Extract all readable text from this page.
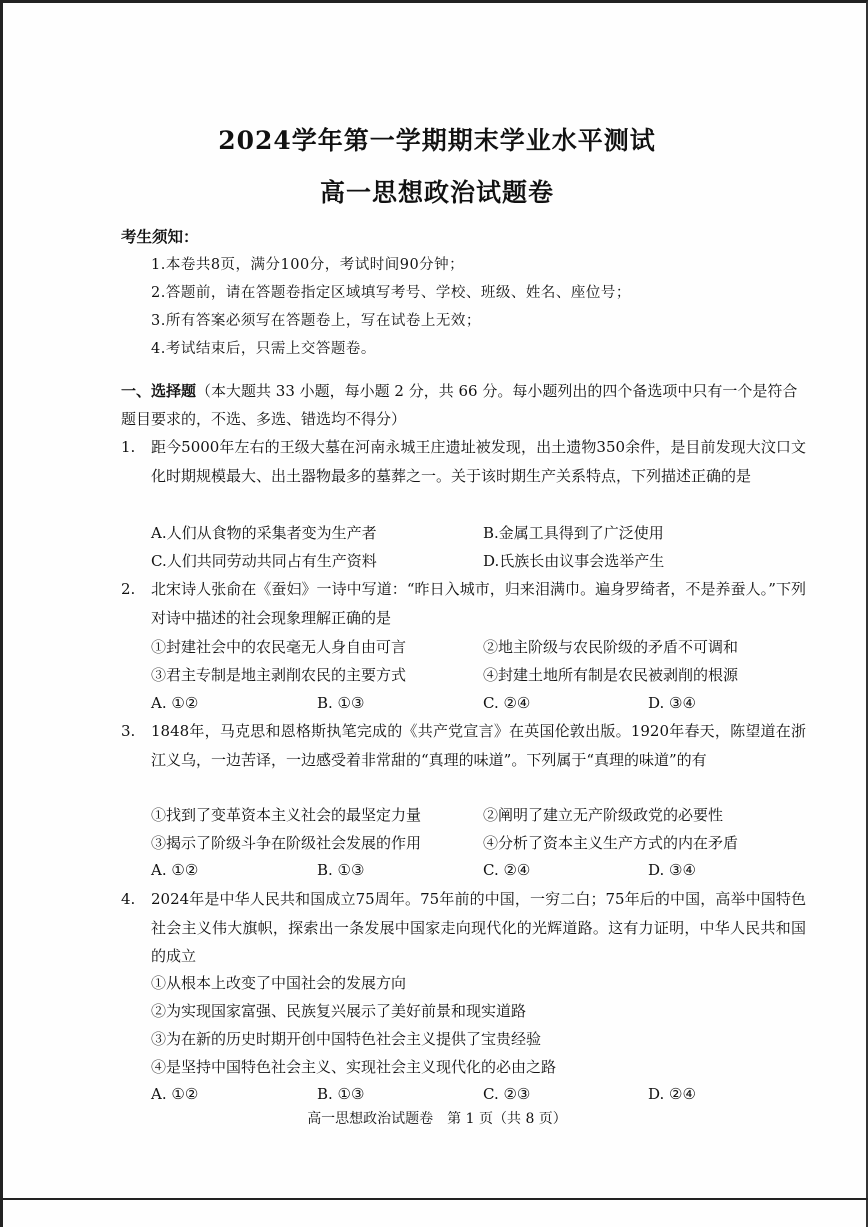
2024学年第一学期期末学业水平测试
高一思想政治试题卷
考生须知：
1.本卷共8页，满分100分，考试时间90分钟；
2.答题前，请在答题卷指定区域填写考号、学校、班级、姓名、座位号；
3.所有答案必须写在答题卷上，写在试卷上无效；
4.考试结束后，只需上交答题卷。
一、选择题（本大题共 33 小题，每小题 2 分，共 66 分。每小题列出的四个备选项中只有一个是符合题目要求的，不选、多选、错选均不得分）
1. 距今5000年左右的王级大墓在河南永城王庄遗址被发现，出土遗物350余件，是目前发现大汶口文化时期规模最大、出土器物最多的墓葬之一。关于该时期生产关系特点，下列描述正确的是
A.人们从食物的采集者变为生产者	B.金属工具得到了广泛使用
C.人们共同劳动共同占有生产资料	D.氏族长由议事会选举产生
2. 北宋诗人张俞在《蚕妇》一诗中写道：“昨日入城市，归来泪满巾。遍身罗绮者，不是养蚕人。”下列对诗中描述的社会现象理解正确的是
①封建社会中的农民毫无人身自由可言	②地主阶级与农民阶级的矛盾不可调和
③君主专制是地主剥削农民的主要方式	④封建土地所有制是农民被剥削的根源
A. ①②	B. ①③	C. ②④	D. ③④
3. 1848年，马克思和恩格斯执笔完成的《共产党宣言》在英国伦敦出版。1920年春天，陈望道在浙江义乌，一边苦译，一边感受着非常甜的“真理的味道”。下列属于“真理的味道”的有
①找到了变革资本主义社会的最坚定力量	②阐明了建立无产阶级政党的必要性
③揭示了阶级斗争在阶级社会发展的作用	④分析了资本主义生产方式的内在矛盾
A. ①②	B. ①③	C. ②④	D. ③④
4. 2024年是中华人民共和国成立75周年。75年前的中国，一穷二白；75年后的中国，高举中国特色社会主义伟大旗帜，探索出一条发展中国家走向现代化的光辉道路。这有力证明，中华人民共和国的成立
①从根本上改变了中国社会的发展方向
②为实现国家富强、民族复兴展示了美好前景和现实道路
③为在新的历史时期开创中国特色社会主义提供了宝贵经验
④是坚持中国特色社会主义、实现社会主义现代化的必由之路
A. ①②	B. ①③	C. ②③	D. ②④
高一思想政治试题卷　第 1 页（共 8 页）
